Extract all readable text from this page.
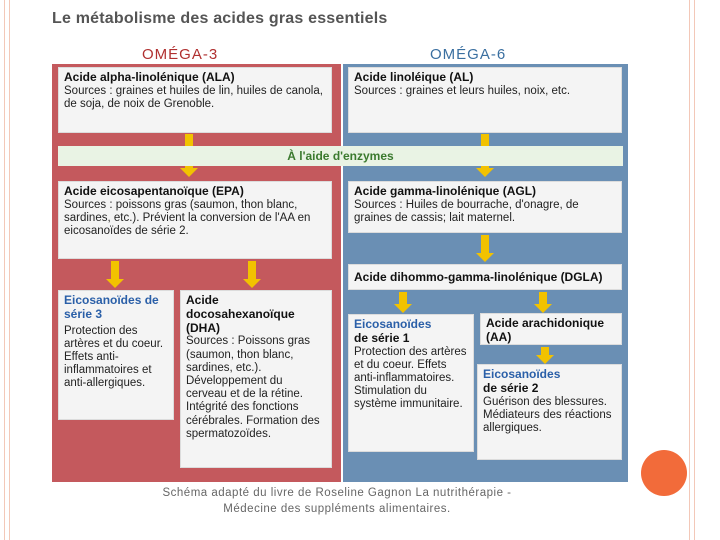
Le métabolisme des acides gras essentiels
OMÉGA-3	OMÉGA-6
Acide alpha-linolénique (ALA)
Sources : graines et huiles de lin, huiles de canola, de soja, de noix de Grenoble.
Acide linoléique (AL)
Sources : graines et leurs huiles, noix, etc.
À l'aide d'enzymes
Acide eicosapentanoïque (EPA)
Sources : poissons gras (saumon, thon blanc, sardines, etc.). Prévient la conversion de l'AA en eicosanoïdes de série 2.
Acide gamma-linolénique (AGL)
Sources : Huiles de bourrache, d'onagre, de graines de cassis; lait maternel.
Acide dihommo-gamma-linolénique (DGLA)
Eicosanoïdes de série 3
Protection des artères et du coeur. Effets anti-inflammatoires et anti-allergiques.
Acide docosahexanoïque (DHA)
Sources : Poissons gras (saumon, thon blanc, sardines, etc.). Développement du cerveau et de la rétine. Intégrité des fonctions cérébrales. Formation des spermatozoïdes.
Eicosanoïdes
de série 1
Protection des artères et du coeur. Effets anti-inflammatoires. Stimulation du système immunitaire.
Acide arachidonique (AA)
Eicosanoïdes
de série 2
Guérison des blessures. Médiateurs des réactions allergiques.
Schéma adapté du livre de Roseline Gagnon La nutrithérapie -
Médecine des suppléments alimentaires.
